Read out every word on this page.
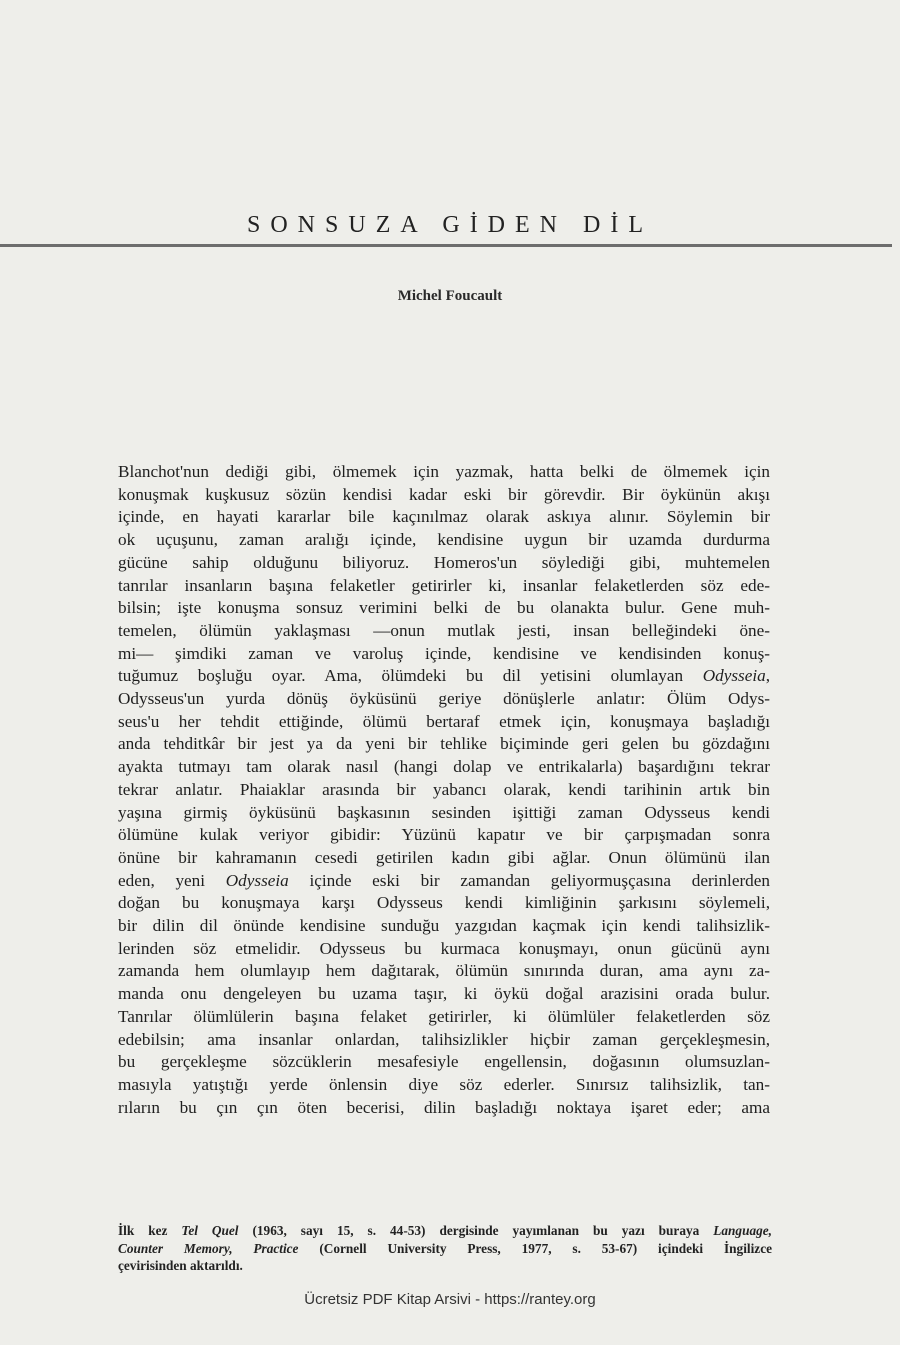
SONSUZA GİDEN DİL
Michel Foucault
Blanchot'nun dediği gibi, ölmemek için yazmak, hatta belki de ölmemek için
konuşmak kuşkusuz sözün kendisi kadar eski bir görevdir. Bir öykünün akışı
içinde, en hayati kararlar bile kaçınılmaz olarak askıya alınır. Söylemin bir
ok uçuşunu, zaman aralığı içinde, kendisine uygun bir uzamda durdurma
gücüne sahip olduğunu biliyoruz. Homeros'un söylediği gibi, muhtemelen
tanrılar insanların başına felaketler getirirler ki, insanlar felaketlerden söz ede-
bilsin; işte konuşma sonsuz verimini belki de bu olanakta bulur. Gene muh-
temelen, ölümün yaklaşması —onun mutlak jesti, insan belleğindeki öne-
mi— şimdiki zaman ve varoluş içinde, kendisine ve kendisinden konuş-
tuğumuz boşluğu oyar. Ama, ölümdeki bu dil yetisini olumlayan Odysseia,
Odysseus'un yurda dönüş öyküsünü geriye dönüşlerle anlatır: Ölüm Odys-
seus'u her tehdit ettiğinde, ölümü bertaraf etmek için, konuşmaya başladığı
anda tehditkâr bir jest ya da yeni bir tehlike biçiminde geri gelen bu gözdağını
ayakta tutmayı tam olarak nasıl (hangi dolap ve entrikalarla) başardığını tekrar
tekrar anlatır. Phaiaklar arasında bir yabancı olarak, kendi tarihinin artık bin
yaşına girmiş öyküsünü başkasının sesinden işittiği zaman Odysseus kendi
ölümüne kulak veriyor gibidir: Yüzünü kapatır ve bir çarpışmadan sonra
önüne bir kahramanın cesedi getirilen kadın gibi ağlar. Onun ölümünü ilan
eden, yeni Odysseia içinde eski bir zamandan geliyormuşçasına derinlerden
doğan bu konuşmaya karşı Odysseus kendi kimliğinin şarkısını söylemeli,
bir dilin dil önünde kendisine sunduğu yazgıdan kaçmak için kendi talihsizlik-
lerinden söz etmelidir. Odysseus bu kurmaca konuşmayı, onun gücünü aynı
zamanda hem olumlayıp hem dağıtarak, ölümün sınırında duran, ama aynı za-
manda onu dengeleyen bu uzama taşır, ki öykü doğal arazisini orada bulur.
Tanrılar ölümlülerin başına felaket getirirler, ki ölümlüler felaketlerden söz
edebilsin; ama insanlar onlardan, talihsizlikler hiçbir zaman gerçekleşmesin,
bu gerçekleşme sözcüklerin mesafesiyle engellensin, doğasının olumsuzlan-
masıyla yatıştığı yerde önlensin diye söz ederler. Sınırsız talihsizlik, tan-
rıların bu çın çın öten becerisi, dilin başladığı noktaya işaret eder; ama
İlk kez Tel Quel (1963, sayı 15, s. 44-53) dergisinde yayımlanan bu yazı buraya Language,
Counter Memory, Practice (Cornell University Press, 1977, s. 53-67) içindeki İngilizce
çevirisinden aktarıldı.
Ücretsiz PDF Kitap Arsivi - https://rantey.org
